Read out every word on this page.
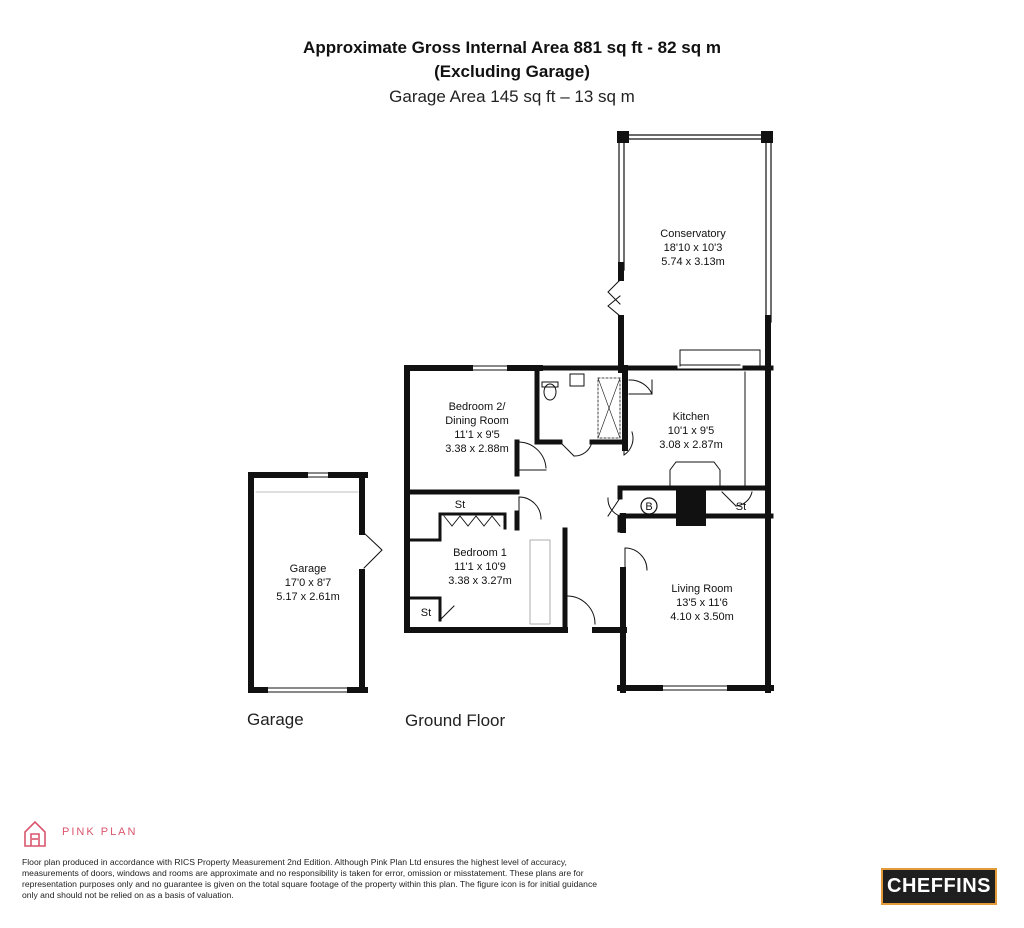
Approximate Gross Internal Area 881 sq ft - 82 sq m
(Excluding Garage)
Garage Area 145 sq ft – 13 sq m
Conservatory
18'10 x 10'3
5.74 x 3.13m
Kitchen
10'1 x 9'5
3.08 x 2.87m
Bedroom 2/
Dining Room
11'1 x 9'5
3.38 x 2.88m
Bedroom 1
11'1 x 10'9
3.38 x 3.27m
Living Room
13'5 x 11'6
4.10 x 3.50m
Garage
17'0 x 8'7
5.17 x 2.61m
St
St
St
B
Garage	Ground Floor
PINK PLAN
Floor plan produced in accordance with RICS Property Measurement 2nd Edition. Although Pink Plan Ltd ensures the highest level of accuracy, measurements of doors, windows and rooms are approximate and no responsibility is taken for error, omission or misstatement. These plans are for representation purposes only and no guarantee is given on the total square footage of the property within this plan. The figure icon is for initial guidance only and should not be relied on as a basis of valuation.	CHEFFINS
